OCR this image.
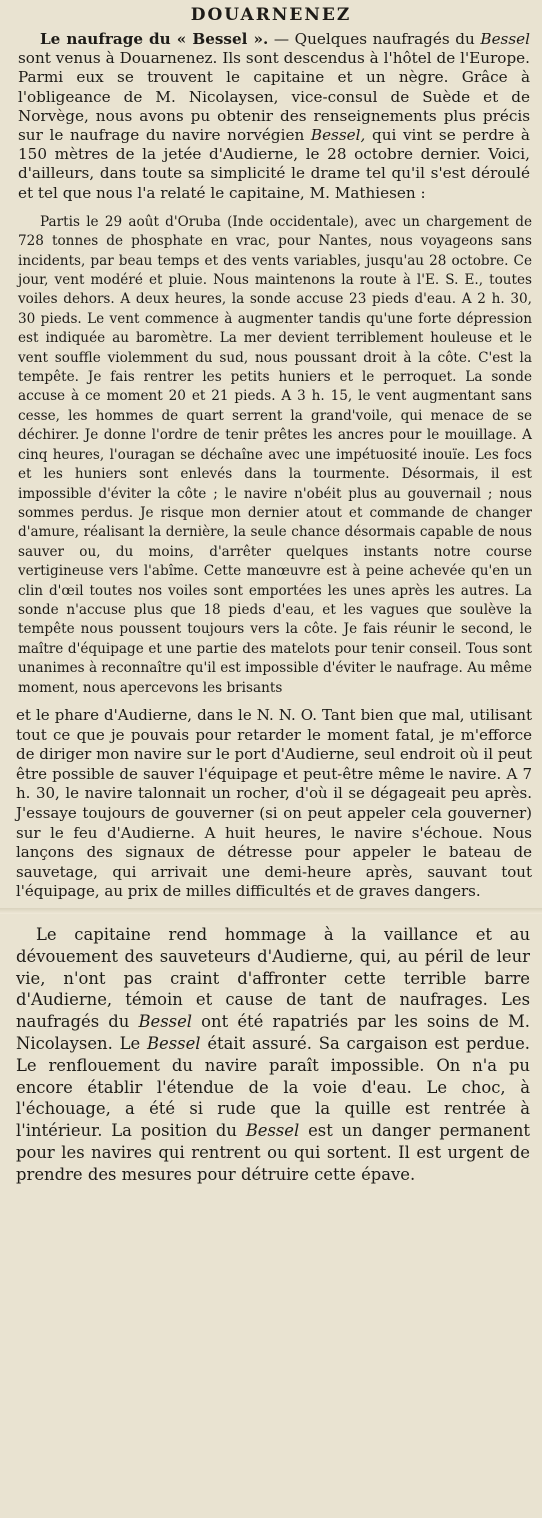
DOUARNENEZ

Le naufrage du « Bessel ». — Quelques naufragés du Bessel sont venus à Douarnenez. Ils sont descendus à l'hôtel de l'Europe. Parmi eux se trouvent le capitaine et un nègre. Grâce à l'obligeance de M. Nicolaysen, vice-consul de Suède et de Norvège, nous avons pu obtenir des renseignements plus précis sur le naufrage du navire norvégien Bessel, qui vint se perdre à 150 mètres de la jetée d'Audierne, le 28 octobre dernier. Voici, d'ailleurs, dans toute sa simplicité le drame tel qu'il s'est déroulé et tel que nous l'a relaté le capitaine, M. Mathiesen :

Partis le 29 août d'Oruba (Inde occidentale), avec un chargement de 728 tonnes de phosphate en vrac, pour Nantes, nous voyageons sans incidents, par beau temps et des vents variables, jusqu'au 28 octobre. Ce jour, vent modéré et pluie. Nous maintenons la route à l'E. S. E., toutes voiles dehors. A deux heures, la sonde accuse 23 pieds d'eau. A 2 h. 30, 30 pieds. Le vent commence à augmenter tandis qu'une forte dépression est indiquée au baromètre. La mer devient terriblement houleuse et le vent souffle violemment du sud, nous poussant droit à la côte. C'est la tempête. Je fais rentrer les petits huniers et le perroquet. La sonde accuse à ce moment 20 et 21 pieds. A 3 h. 15, le vent augmentant sans cesse, les hommes de quart serrent la grand'voile, qui menace de se déchirer. Je donne l'ordre de tenir prêtes les ancres pour le mouillage. A cinq heures, l'ouragan se déchaîne avec une impétuosité inouïe. Les focs et les huniers sont enlevés dans la tourmente. Désormais, il est impossible d'éviter la côte ; le navire n'obéit plus au gouvernail ; nous sommes perdus. Je risque mon dernier atout et commande de changer d'amure, réalisant la dernière, la seule chance désormais capable de nous sauver ou, du moins, d'arrêter quelques instants notre course vertigineuse vers l'abîme. Cette manœuvre est à peine achevée qu'en un clin d'œil toutes nos voiles sont emportées les unes après les autres. La sonde n'accuse plus que 18 pieds d'eau, et les vagues que soulève la tempête nous poussent toujours vers la côte. Je fais réunir le second, le maître d'équipage et une partie des matelots pour tenir conseil. Tous sont unanimes à reconnaître qu'il est impossible d'éviter le naufrage. Au même moment, nous apercevons les brisants

et le phare d'Audierne, dans le N. N. O. Tant bien que mal, utilisant tout ce que je pouvais pour retarder le moment fatal, je m'efforce de diriger mon navire sur le port d'Audierne, seul endroit où il peut être possible de sauver l'équipage et peut-être même le navire. A 7 h. 30, le navire talonnait un rocher, d'où il se dégageait peu après. J'essaye toujours de gouverner (si on peut appeler cela gouverner) sur le feu d'Audierne. A huit heures, le navire s'échoue. Nous lançons des signaux de détresse pour appeler le bateau de sauvetage, qui arrivait une demi-heure après, sauvant tout l'équipage, au prix de milles difficultés et de graves dangers.

Le capitaine rend hommage à la vaillance et au dévouement des sauveteurs d'Audierne, qui, au péril de leur vie, n'ont pas craint d'affronter cette terrible barre d'Audierne, témoin et cause de tant de naufrages. Les naufragés du Bessel ont été rapatriés par les soins de M. Nicolaysen. Le Bessel était assuré. Sa cargaison est perdue. Le renflouement du navire paraît impossible. On n'a pu encore établir l'étendue de la voie d'eau. Le choc, à l'échouage, a été si rude que la quille est rentrée à l'intérieur. La position du Bessel est un danger permanent pour les navires qui rentrent ou qui sortent. Il est urgent de prendre des mesures pour détruire cette épave.
